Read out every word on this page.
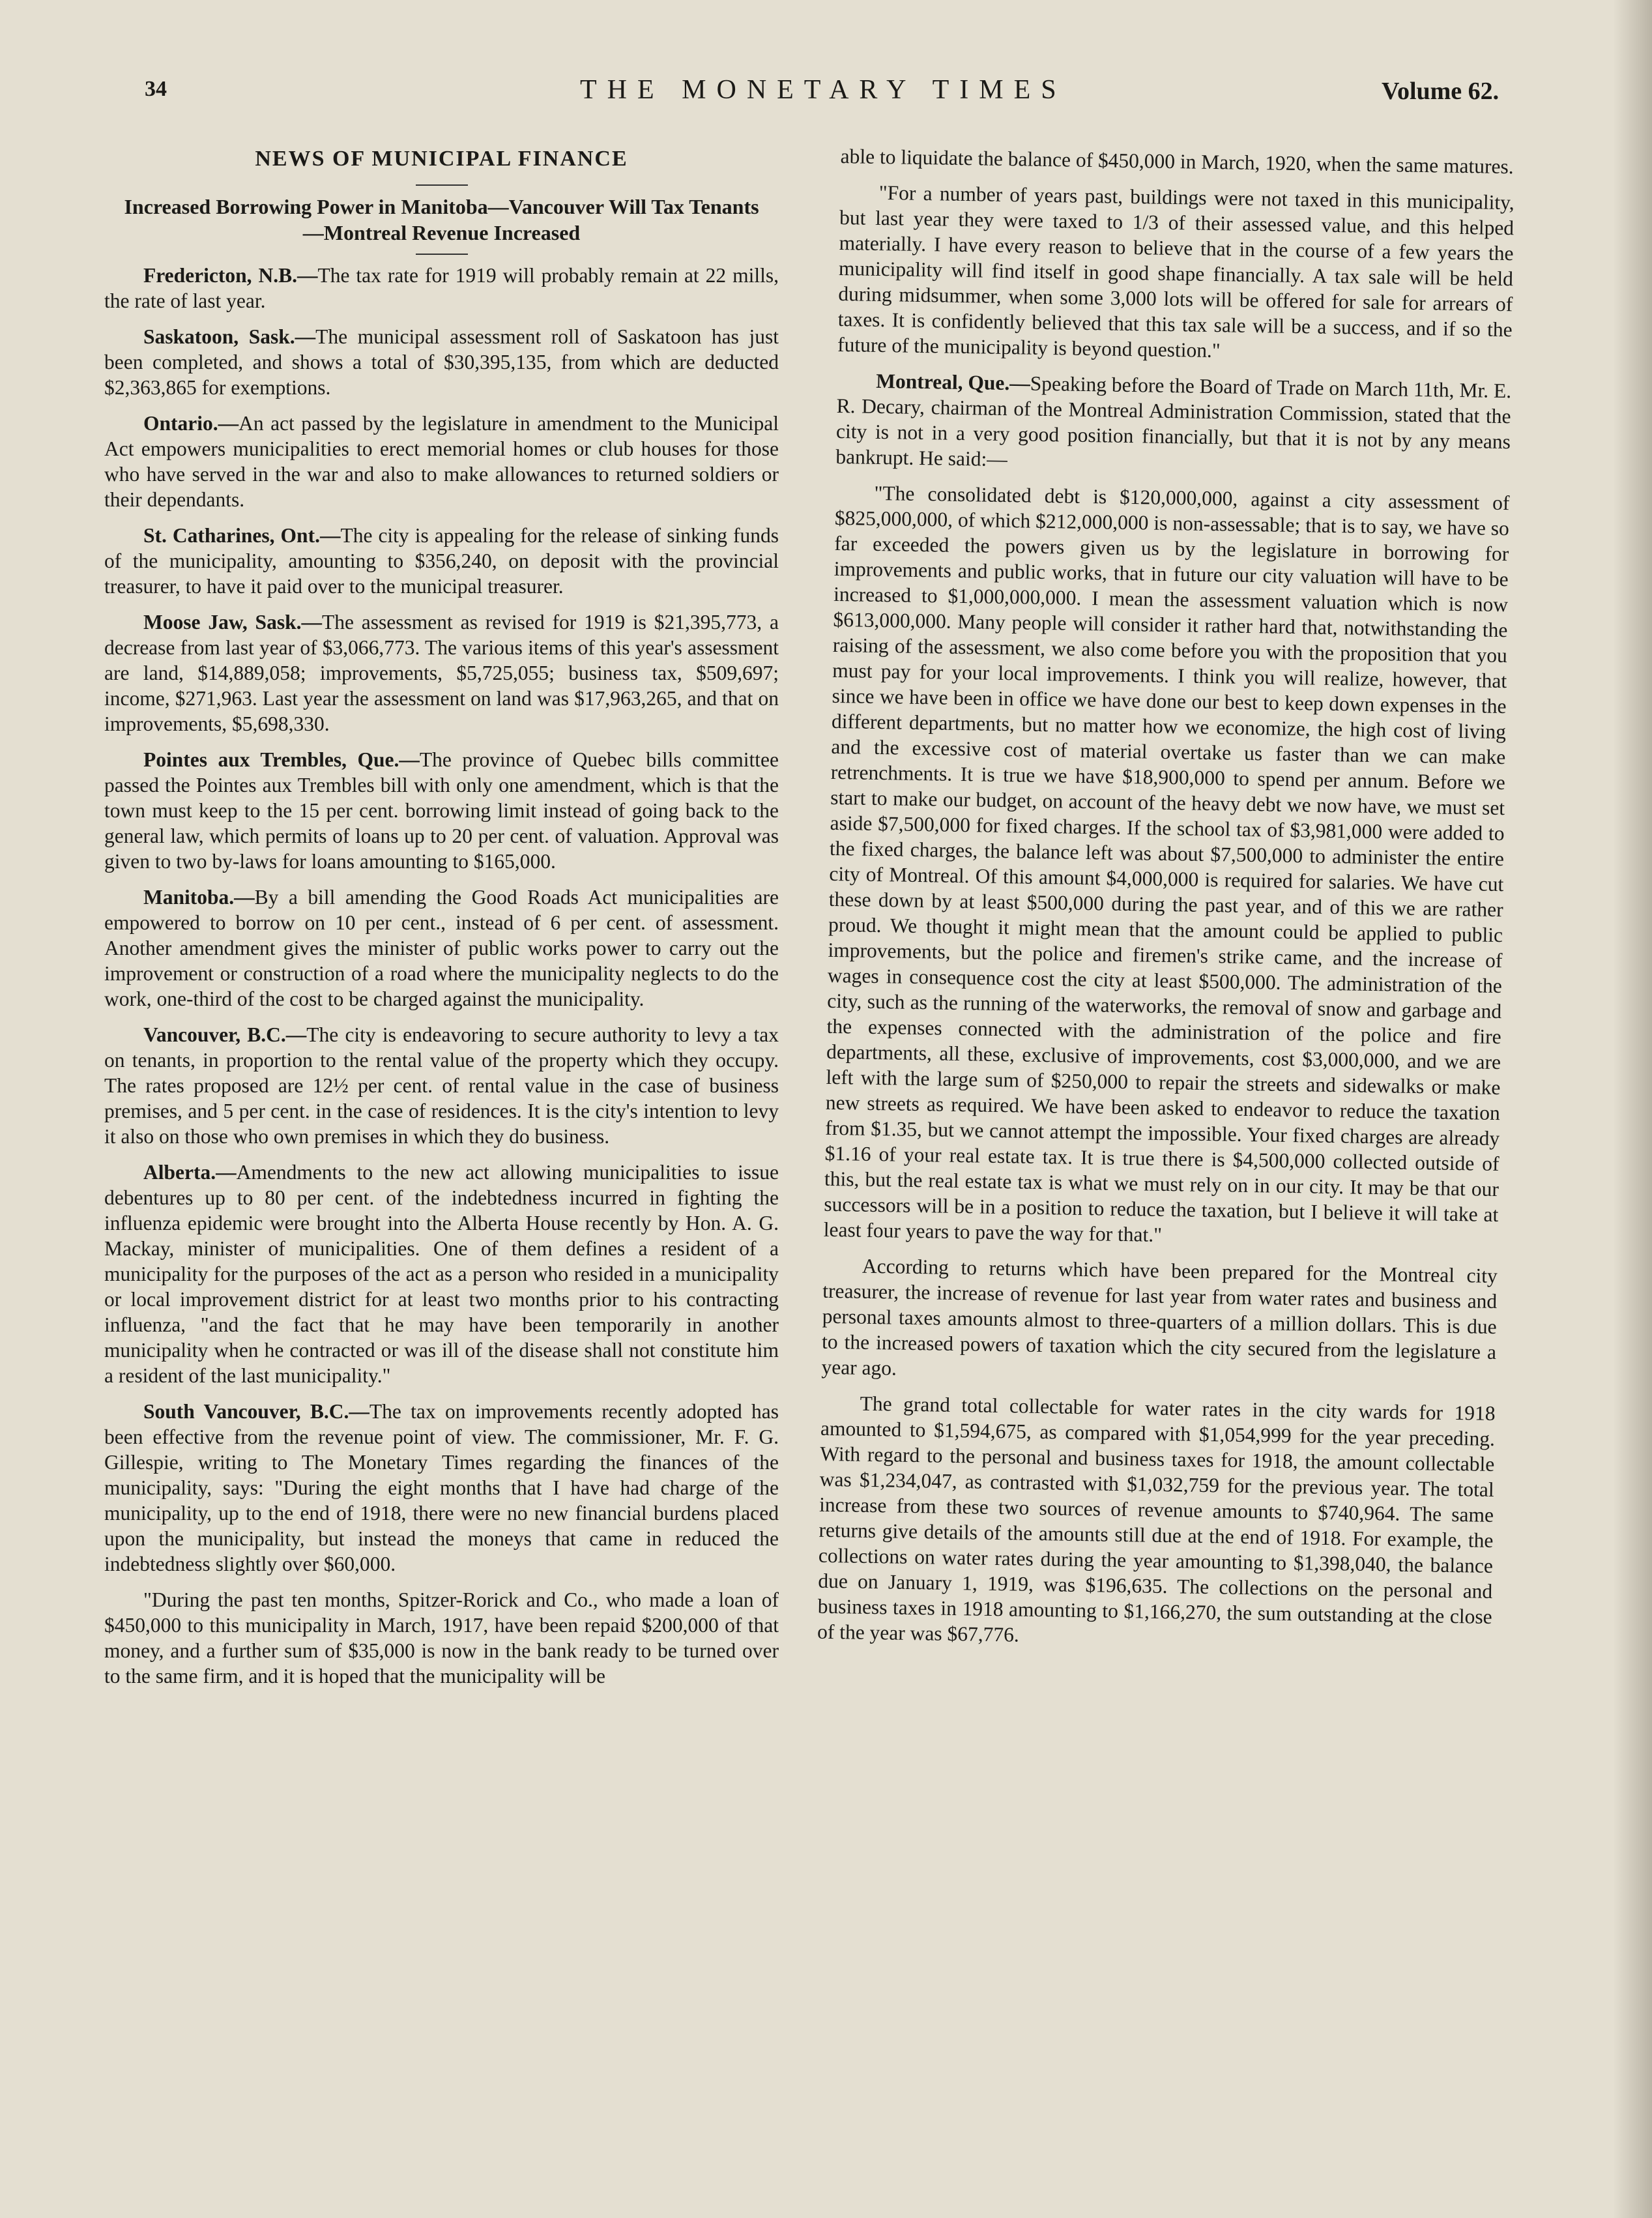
34	THE MONETARY TIMES	Volume 62.
NEWS OF MUNICIPAL FINANCE
Increased Borrowing Power in Manitoba—Vancouver Will Tax Tenants—Montreal Revenue Increased

Fredericton, N.B.—The tax rate for 1919 will probably remain at 22 mills, the rate of last year.

Saskatoon, Sask.—The municipal assessment roll of Saskatoon has just been completed, and shows a total of $30,395,135, from which are deducted $2,363,865 for exemptions.

Ontario.—An act passed by the legislature in amendment to the Municipal Act empowers municipalities to erect memorial homes or club houses for those who have served in the war and also to make allowances to returned soldiers or their dependants.

St. Catharines, Ont.—The city is appealing for the release of sinking funds of the municipality, amounting to $356,240, on deposit with the provincial treasurer, to have it paid over to the municipal treasurer.

Moose Jaw, Sask.—The assessment as revised for 1919 is $21,395,773, a decrease from last year of $3,066,773. The various items of this year's assessment are land, $14,889,058; improvements, $5,725,055; business tax, $509,697; income, $271,963. Last year the assessment on land was $17,963,265, and that on improvements, $5,698,330.

Pointes aux Trembles, Que.—The province of Quebec bills committee passed the Pointes aux Trembles bill with only one amendment, which is that the town must keep to the 15 per cent. borrowing limit instead of going back to the general law, which permits of loans up to 20 per cent. of valuation. Approval was given to two by-laws for loans amounting to $165,000.

Manitoba.—By a bill amending the Good Roads Act municipalities are empowered to borrow on 10 per cent., instead of 6 per cent. of assessment. Another amendment gives the minister of public works power to carry out the improvement or construction of a road where the municipality neglects to do the work, one-third of the cost to be charged against the municipality.

Vancouver, B.C.—The city is endeavoring to secure authority to levy a tax on tenants, in proportion to the rental value of the property which they occupy. The rates proposed are 12½ per cent. of rental value in the case of business premises, and 5 per cent. in the case of residences. It is the city's intention to levy it also on those who own premises in which they do business.

Alberta.—Amendments to the new act allowing municipalities to issue debentures up to 80 per cent. of the indebtedness incurred in fighting the influenza epidemic were brought into the Alberta House recently by Hon. A. G. Mackay, minister of municipalities. One of them defines a resident of a municipality for the purposes of the act as a person who resided in a municipality or local improvement district for at least two months prior to his contracting influenza, "and the fact that he may have been temporarily in another municipality when he contracted or was ill of the disease shall not constitute him a resident of the last municipality."

South Vancouver, B.C.—The tax on improvements recently adopted has been effective from the revenue point of view. The commissioner, Mr. F. G. Gillespie, writing to The Monetary Times regarding the finances of the municipality, says: "During the eight months that I have had charge of the municipality, up to the end of 1918, there were no new financial burdens placed upon the municipality, but instead the moneys that came in reduced the indebtedness slightly over $60,000.

"During the past ten months, Spitzer-Rorick and Co., who made a loan of $450,000 to this municipality in March, 1917, have been repaid $200,000 of that money, and a further sum of $35,000 is now in the bank ready to be turned over to the same firm, and it is hoped that the municipality will be

able to liquidate the balance of $450,000 in March, 1920, when the same matures.

"For a number of years past, buildings were not taxed in this municipality, but last year they were taxed to 1/3 of their assessed value, and this helped materially. I have every reason to believe that in the course of a few years the municipality will find itself in good shape financially. A tax sale will be held during midsummer, when some 3,000 lots will be offered for sale for arrears of taxes. It is confidently believed that this tax sale will be a success, and if so the future of the municipality is beyond question."

Montreal, Que.—Speaking before the Board of Trade on March 11th, Mr. E. R. Decary, chairman of the Montreal Administration Commission, stated that the city is not in a very good position financially, but that it is not by any means bankrupt. He said:—

"The consolidated debt is $120,000,000, against a city assessment of $825,000,000, of which $212,000,000 is non-assessable; that is to say, we have so far exceeded the powers given us by the legislature in borrowing for improvements and public works, that in future our city valuation will have to be increased to $1,000,000,000. I mean the assessment valuation which is now $613,000,000. Many people will consider it rather hard that, notwithstanding the raising of the assessment, we also come before you with the proposition that you must pay for your local improvements. I think you will realize, however, that since we have been in office we have done our best to keep down expenses in the different departments, but no matter how we economize, the high cost of living and the excessive cost of material overtake us faster than we can make retrenchments. It is true we have $18,900,000 to spend per annum. Before we start to make our budget, on account of the heavy debt we now have, we must set aside $7,500,000 for fixed charges. If the school tax of $3,981,000 were added to the fixed charges, the balance left was about $7,500,000 to administer the entire city of Montreal. Of this amount $4,000,000 is required for salaries. We have cut these down by at least $500,000 during the past year, and of this we are rather proud. We thought it might mean that the amount could be applied to public improvements, but the police and firemen's strike came, and the increase of wages in consequence cost the city at least $500,000. The administration of the city, such as the running of the waterworks, the removal of snow and garbage and the expenses connected with the administration of the police and fire departments, all these, exclusive of improvements, cost $3,000,000, and we are left with the large sum of $250,000 to repair the streets and sidewalks or make new streets as required. We have been asked to endeavor to reduce the taxation from $1.35, but we cannot attempt the impossible. Your fixed charges are already $1.16 of your real estate tax. It is true there is $4,500,000 collected outside of this, but the real estate tax is what we must rely on in our city. It may be that our successors will be in a position to reduce the taxation, but I believe it will take at least four years to pave the way for that."

According to returns which have been prepared for the Montreal city treasurer, the increase of revenue for last year from water rates and business and personal taxes amounts almost to three-quarters of a million dollars. This is due to the increased powers of taxation which the city secured from the legislature a year ago.

The grand total collectable for water rates in the city wards for 1918 amounted to $1,594,675, as compared with $1,054,999 for the year preceding. With regard to the personal and business taxes for 1918, the amount collectable was $1,234,047, as contrasted with $1,032,759 for the previous year. The total increase from these two sources of revenue amounts to $740,964. The same returns give details of the amounts still due at the end of 1918. For example, the collections on water rates during the year amounting to $1,398,040, the balance due on January 1, 1919, was $196,635. The collections on the personal and business taxes in 1918 amounting to $1,166,270, the sum outstanding at the close of the year was $67,776.
